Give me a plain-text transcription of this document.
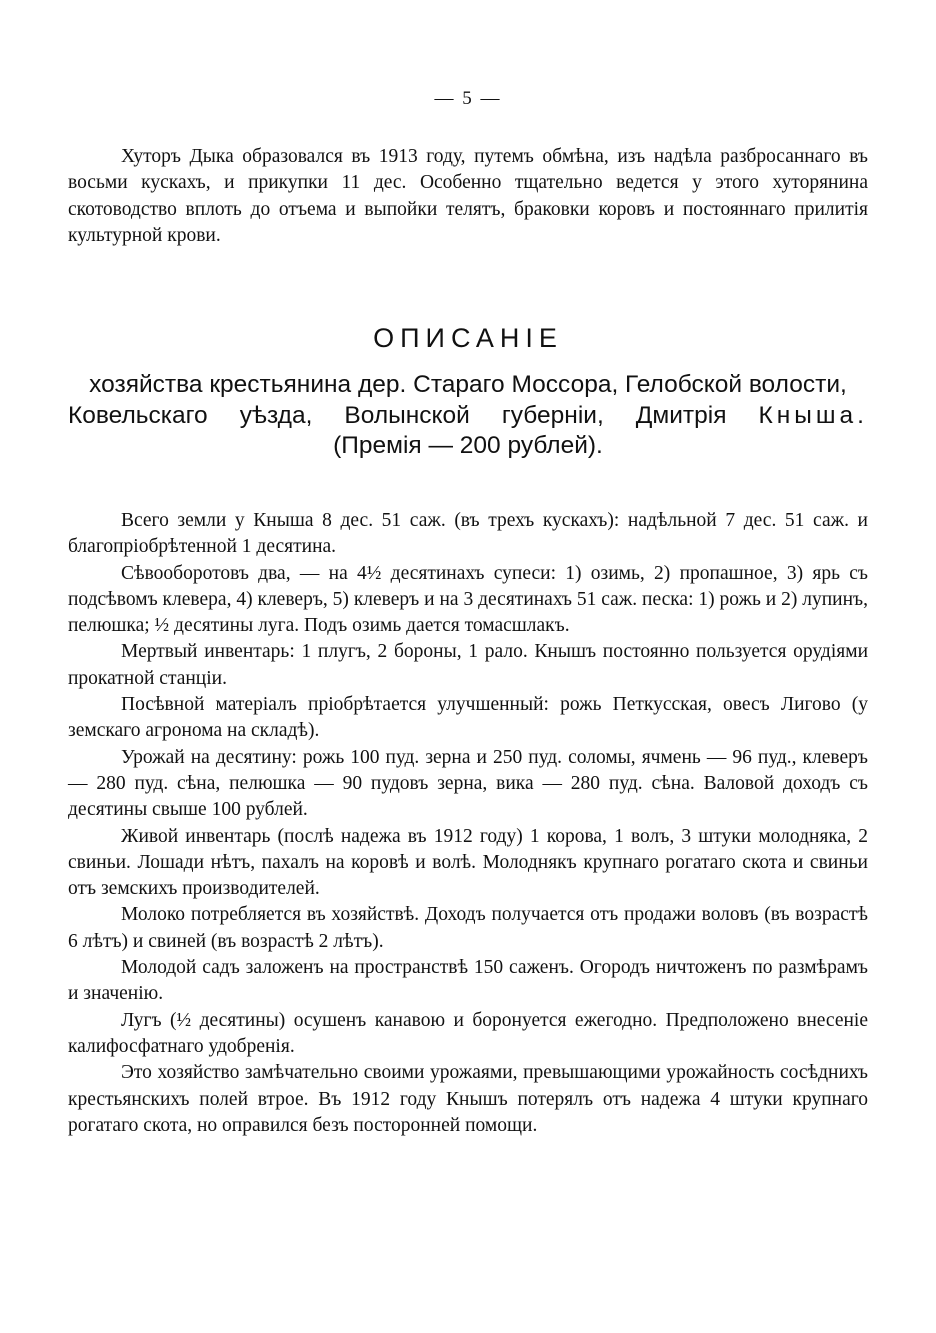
— 5 —

Хуторъ Дыка образовался въ 1913 году, путемъ обмѣна, изъ надѣла разбросаннаго въ восьми кускахъ, и прикупки 11 дес. Особенно тщательно ведется у этого хуторянина скотоводство вплоть до отъема и выпойки телятъ, браковки коровъ и постояннаго прилитія культурной крови.

ОПИСАНІЕ
хозяйства крестьянина дер. Стараго Моссора, Гелобской волости,
Ковельскаго уѣзда, Волынской губерніи, Дмитрія Кныша.
(Премія — 200 рублей).

Всего земли у Кныша 8 дес. 51 саж. (въ трехъ кускахъ): надѣльной 7 дес. 51 саж. и благопріобрѣтенной 1 десятина.

Сѣвооборотовъ два, — на 4½ десятинахъ супеси: 1) озимь, 2) пропашное, 3) ярь съ подсѣвомъ клевера, 4) клеверъ, 5) клеверъ и на 3 десятинахъ 51 саж. песка: 1) рожь и 2) лупинъ, пелюшка; ½ десятины луга. Подъ озимь дается томасшлакъ.

Мертвый инвентарь: 1 плугъ, 2 бороны, 1 рало. Кнышъ постоянно пользуется орудіями прокатной станціи.

Посѣвной матеріалъ пріобрѣтается улучшенный: рожь Петкусская, овесъ Лигово (у земскаго агронома на складѣ).

Урожай на десятину: рожь 100 пуд. зерна и 250 пуд. соломы, ячмень — 96 пуд., клеверъ — 280 пуд. сѣна, пелюшка — 90 пудовъ зерна, вика — 280 пуд. сѣна. Валовой доходъ съ десятины свыше 100 рублей.

Живой инвентарь (послѣ надежа въ 1912 году) 1 корова, 1 волъ, 3 штуки молодняка, 2 свиньи. Лошади нѣтъ, пахалъ на коровѣ и волѣ. Молоднякъ крупнаго рогатаго скота и свиньи отъ земскихъ производителей.

Молоко потребляется въ хозяйствѣ. Доходъ получается отъ продажи воловъ (въ возрастѣ 6 лѣтъ) и свиней (въ возрастѣ 2 лѣтъ).

Молодой садъ заложенъ на пространствѣ 150 саженъ. Огородъ ничтоженъ по размѣрамъ и значенію.

Лугъ (½ десятины) осушенъ канавою и боронуется ежегодно. Предположено внесеніе калифосфатнаго удобренія.

Это хозяйство замѣчательно своими урожаями, превышающими урожайность сосѣднихъ крестьянскихъ полей втрое. Въ 1912 году Кнышъ потерялъ отъ надежа 4 штуки крупнаго рогатаго скота, но оправился безъ посторонней помощи.
